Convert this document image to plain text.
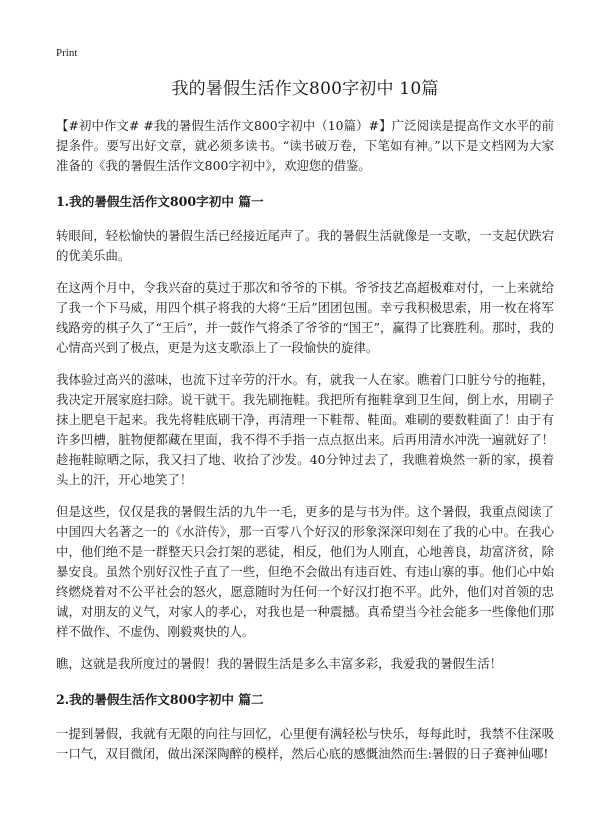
Print
我的暑假生活作文800字初中 10篇

【#初中作文# #我的暑假生活作文800字初中（10篇）#】广泛阅读是提高作文水平的前提条件。要写出好文章，就必须多读书。“读书破万卷，下笔如有神。”以下是文档网为大家准备的《我的暑假生活作文800字初中》，欢迎您的借鉴。

1.我的暑假生活作文800字初中 篇一

转眼间，轻松愉快的暑假生活已经接近尾声了。我的暑假生活就像是一支歌，一支起伏跌宕的优美乐曲。

在这两个月中，令我兴奋的莫过于那次和爷爷的下棋。爷爷技艺高超极难对付，一上来就给了我一个下马威，用四个棋子将我的大将“王后”团团包围。幸亏我积极思索，用一枚在将军线路旁的棋子久了“王后”，并一鼓作气将杀了爷爷的“国王”，赢得了比赛胜利。那时，我的心情高兴到了极点，更是为这支歌添上了一段愉快的旋律。

我体验过高兴的滋味，也流下过辛劳的汗水。有，就我一人在家。瞧着门口脏兮兮的拖鞋，我决定开展家庭扫除。说干就干。我先刷拖鞋。我把所有拖鞋拿到卫生间，倒上水，用刷子抹上肥皂干起来。我先将鞋底刷干净，再清理一下鞋帮、鞋面。难刷的要数鞋面了！由于有许多凹槽，脏物便都藏在里面，我不得不手指一点点抠出来。后再用清水冲洗一遍就好了！趁拖鞋晾晒之际，我又扫了地、收拾了沙发。40分钟过去了，我瞧着焕然一新的家，摸着头上的汗，开心地笑了！

但是这些，仅仅是我的暑假生活的九牛一毛，更多的是与书为伴。这个暑假，我重点阅读了中国四大名著之一的《水浒传》，那一百零八个好汉的形象深深印刻在了我的心中。在我心中，他们绝不是一群整天只会打架的恶徒，相反，他们为人刚直，心地善良，劫富济贫，除暴安良。虽然个别好汉性子直了一些，但绝不会做出有违百姓、有违山寨的事。他们心中始终燃烧着对不公平社会的怒火，愿意随时为任何一个好汉打抱不平。此外，他们对首领的忠诚，对朋友的义气，对家人的孝心，对我也是一种震撼。真希望当今社会能多一些像他们那样不做作、不虚伪、刚毅爽快的人。

瞧，这就是我所度过的暑假！我的暑假生活是多么丰富多彩，我爱我的暑假生活！

2.我的暑假生活作文800字初中 篇二

一提到暑假，我就有无限的向往与回忆，心里便有满轻松与快乐，每每此时，我禁不住深吸一口气，双目微闭，做出深深陶醉的模样，然后心底的感慨油然而生:暑假的日子赛神仙哪!
